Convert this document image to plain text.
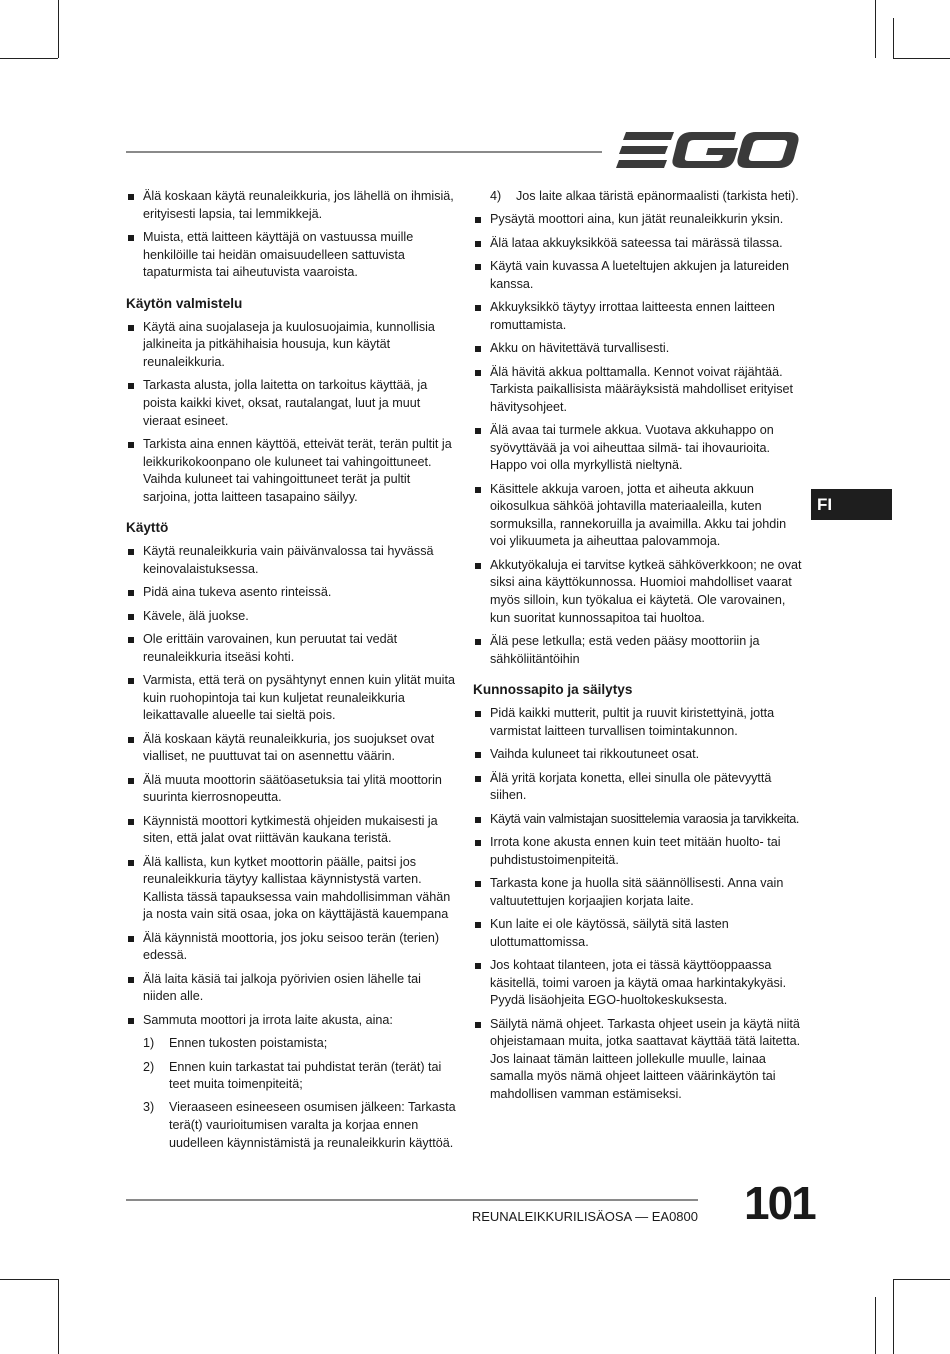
Älä koskaan käytä reunaleikkuria, jos lähellä on ihmisiä, erityisesti lapsia, tai lemmikkejä.
Muista, että laitteen käyttäjä on vastuussa muille henkilöille tai heidän omaisuudelleen sattuvista tapaturmista tai aiheutuvista vaaroista.
Käytön valmistelu
Käytä aina suojalaseja ja kuulosuojaimia, kunnollisia jalkineita ja pitkähihaisia housuja, kun käytät reunaleikkuria.
Tarkasta alusta, jolla laitetta on tarkoitus käyttää, ja poista kaikki kivet, oksat, rautalangat, luut ja muut vieraat esineet.
Tarkista aina ennen käyttöä, etteivät terät, terän pultit ja leikkurikokoonpano ole kuluneet tai vahingoittuneet. Vaihda kuluneet tai vahingoittuneet terät ja pultit sarjoina, jotta laitteen tasapaino säilyy.
Käyttö
Käytä reunaleikkuria vain päivänvalossa tai hyvässä keinovalaistuksessa.
Pidä aina tukeva asento rinteissä.
Kävele, älä juokse.
Ole erittäin varovainen, kun peruutat tai vedät reunaleikkuria itseäsi kohti.
Varmista, että terä on pysähtynyt ennen kuin ylität muita kuin ruohopintoja tai kun kuljetat reunaleikkuria leikattavalle alueelle tai sieltä pois.
Älä koskaan käytä reunaleikkuria, jos suojukset ovat vialliset, ne puuttuvat tai on asennettu väärin.
Älä muuta moottorin säätöasetuksia tai ylitä moottorin suurinta kierrosnopeutta.
Käynnistä moottori kytkimestä ohjeiden mukaisesti ja siten, että jalat ovat riittävän kaukana teristä.
Älä kallista, kun kytket moottorin päälle, paitsi jos reunaleikkuria täytyy kallistaa käynnistystä varten. Kallista tässä tapauksessa vain mahdollisimman vähän ja nosta vain sitä osaa, joka on käyttäjästä kauempana
Älä käynnistä moottoria, jos joku seisoo terän (terien) edessä.
Älä laita käsiä tai jalkoja pyörivien osien lähelle tai niiden alle.
Sammuta moottori ja irrota laite akusta, aina:
1) Ennen tukosten poistamista;
2) Ennen kuin tarkastat tai puhdistat terän (terät) tai teet muita toimenpiteitä;
3) Vieraaseen esineeseen osumisen jälkeen: Tarkasta terä(t) vaurioitumisen varalta ja korjaa ennen uudelleen käynnistämistä ja reunaleikkurin käyttöä.
4) Jos laite alkaa täristä epänormaalisti (tarkista heti).
Pysäytä moottori aina, kun jätät reunaleikkurin yksin.
Älä lataa akkuyksikköä sateessa tai märässä tilassa.
Käytä vain kuvassa A lueteltujen akkujen ja latureiden kanssa.
Akkuyksikkö täytyy irrottaa laitteesta ennen laitteen romuttamista.
Akku on hävitettävä turvallisesti.
Älä hävitä akkua polttamalla. Kennot voivat räjähtää. Tarkista paikallisista määräyksistä mahdolliset erityiset hävitysohjeet.
Älä avaa tai turmele akkua. Vuotava akkuhappo on syövyttävää ja voi aiheuttaa silmä- tai ihovaurioita. Happo voi olla myrkyllistä nieltynä.
Käsittele akkuja varoen, jotta et aiheuta akkuun oikosulkua sähköä johtavilla materiaaleilla, kuten sormuksilla, rannekoruilla ja avaimilla. Akku tai johdin voi ylikuumeta ja aiheuttaa palovammoja.
Akkutyökaluja ei tarvitse kytkeä sähköverkkoon; ne ovat siksi aina käyttökunnossa. Huomioi mahdolliset vaarat myös silloin, kun työkalua ei käytetä. Ole varovainen, kun suoritat kunnossapitoa tai huoltoa.
Älä pese letkulla; estä veden pääsy moottoriin ja sähköliitäntöihin
Kunnossapito ja säilytys
Pidä kaikki mutterit, pultit ja ruuvit kiristettyinä, jotta varmistat laitteen turvallisen toimintakunnon.
Vaihda kuluneet tai rikkoutuneet osat.
Älä yritä korjata konetta, ellei sinulla ole pätevyyttä siihen.
Käytä vain valmistajan suosittelemia varaosia ja tarvikkeita.
Irrota kone akusta ennen kuin teet mitään huolto- tai puhdistustoimenpiteitä.
Tarkasta kone ja huolla sitä säännöllisesti. Anna vain valtuutettujen korjaajien korjata laite.
Kun laite ei ole käytössä, säilytä sitä lasten ulottumattomissa.
Jos kohtaat tilanteen, jota ei tässä käyttöoppaassa käsitellä, toimi varoen ja käytä omaa harkintakykyäsi. Pyydä lisäohjeita EGO-huoltokeskuksesta.
Säilytä nämä ohjeet. Tarkasta ohjeet usein ja käytä niitä ohjeistamaan muita, jotka saattavat käyttää tätä laitetta. Jos lainaat tämän laitteen jollekulle muulle, lainaa samalla myös nämä ohjeet laitteen väärinkäytön tai mahdollisen vamman estämiseksi.
FI
REUNALEIKKURILISÄOSA — EA0800 101
